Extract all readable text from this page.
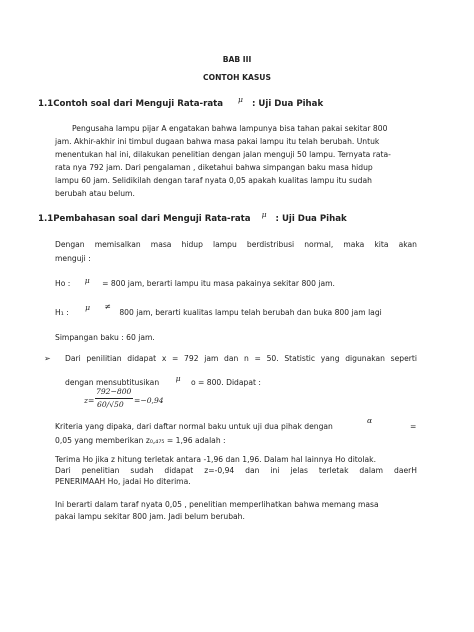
BAB III
CONTOH KASUS
1.1Contoh soal dari Menguji Rata-rata μ : Uji Dua Pihak
Pengusaha lampu pijar A engatakan bahwa lampunya bisa tahan pakai sekitar 800
jam. Akhir-akhir ini timbul dugaan bahwa masa pakai lampu itu telah berubah. Untuk
menentukan hal ini, dilakukan penelitian dengan jalan menguji 50 lampu. Ternyata rata-
rata nya 792 jam. Dari pengalaman , diketahui bahwa simpangan baku masa hidup
lampu 60 jam. Selidikilah dengan taraf nyata 0,05 apakah kualitas lampu itu sudah
berubah atau belum.
1.1Pembahasan soal dari Menguji Rata-rata μ : Uji Dua Pihak
Dengan memisalkan masa hidup lampu berdistribusi normal, maka kita akan
menguji :
Ho : μ = 800 jam, berarti lampu itu masa pakainya sekitar 800 jam.
H₁ : μ ≠ 800 jam, berarti kualitas lampu telah berubah dan buka 800 jam lagi
Simpangan baku : 60 jam.
➢ Dari penilitian didapat x = 792 jam dan n = 50. Statistic yang digunakan seperti
dengan mensubtitusikan μ o = 800. Didapat :
z=
792−800
60/√50 =−0,94
Kriteria yang dipaka, dari daftar normal baku untuk uji dua pihak dengan
α
=
0,05 yang memberikan z₀,₄₇₅ = 1,96 adalah :
Terima Ho jika z hitung terletak antara -1,96 dan 1,96. Dalam hal lainnya Ho ditolak.
Dari penelitian sudah didapat z=-0,94 dan ini jelas terletak dalam daerH
PENERIMAAH Ho, jadai Ho diterima.
Ini berarti dalam taraf nyata 0,05 , penelitian memperlihatkan bahwa memang masa
pakai lampu sekitar 800 jam. Jadi belum berubah.
